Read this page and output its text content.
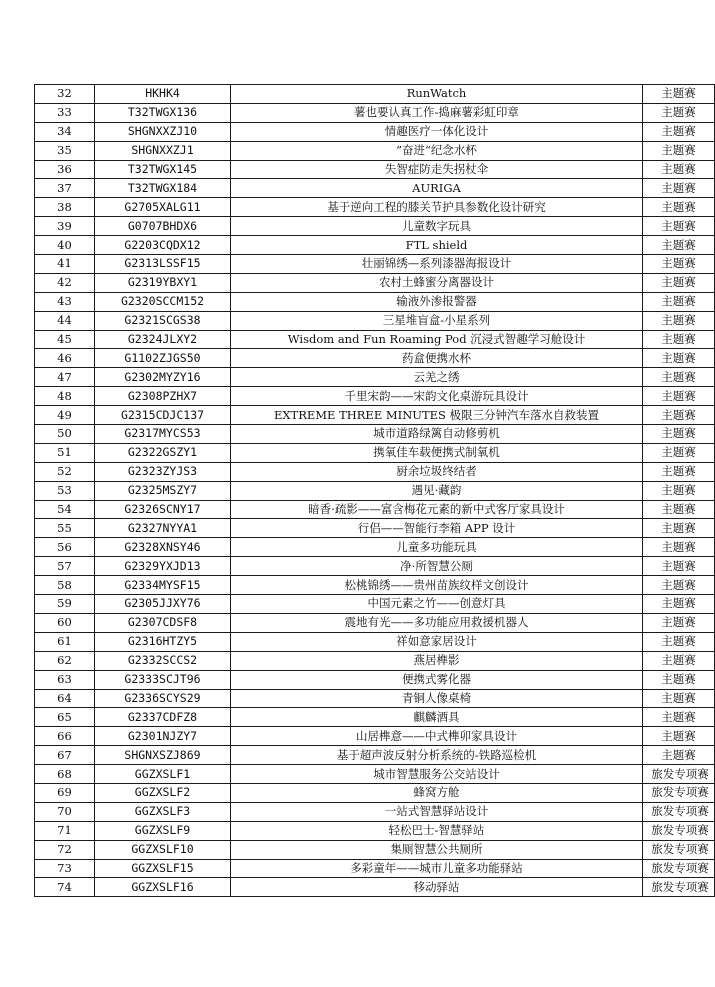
32	HKHK4	RunWatch	主题赛
33	T32TWGX136	薯也要认真工作-捣麻薯彩虹印章	主题赛
34	SHGNXXZJ10	情趣医疗一体化设计	主题赛
35	SHGNXXZJ1	”奋进“纪念水杯	主题赛
36	T32TWGX145	失智症防走失拐杖伞	主题赛
37	T32TWGX184	AURIGA	主题赛
38	G2705XALG11	基于逆向工程的膝关节护具参数化设计研究	主题赛
39	G0707BHDX6	儿童数字玩具	主题赛
40	G2203CQDX12	FTL shield	主题赛
41	G2313LSSF15	壮丽锦绣—系列漆器海报设计	主题赛
42	G2319YBXY1	农村土蜂蜜分离器设计	主题赛
43	G2320SCCM152	输液外渗报警器	主题赛
44	G2321SCGS38	三星堆盲盒-小星系列	主题赛
45	G2324JLXY2	Wisdom and Fun Roaming Pod 沉浸式智趣学习舱设计	主题赛
46	G1102ZJGS50	药盒便携水杯	主题赛
47	G2302MYZY16	云羌之绣	主题赛
48	G2308PZHX7	千里宋韵——宋韵文化桌游玩具设计	主题赛
49	G2315CDJC137	EXTREME THREE MINUTES 极限三分钟汽车落水自救装置	主题赛
50	G2317MYCS53	城市道路绿篱自动修剪机	主题赛
51	G2322GSZY1	携氧佳车载便携式制氧机	主题赛
52	G2323ZYJS3	厨余垃圾终结者	主题赛
53	G2325MSZY7	遇见·藏韵	主题赛
54	G2326SCNY17	暗香·疏影——富含梅花元素的新中式客厅家具设计	主题赛
55	G2327NYYA1	行侣——智能行李箱 APP 设计	主题赛
56	G2328XNSY46	儿童多功能玩具	主题赛
57	G2329YXJD13	净·所智慧公厕	主题赛
58	G2334MYSF15	松桃锦绣——贵州苗族纹样文创设计	主题赛
59	G2305JJXY76	中国元素之竹——创意灯具	主题赛
60	G2307CDSF8	震地有光——多功能应用救援机器人	主题赛
61	G2316HTZY5	祥如意家居设计	主题赛
62	G2332SCCS2	燕居榫影	主题赛
63	G2333SCJT96	便携式雾化器	主题赛
64	G2336SCYS29	青铜人像桌椅	主题赛
65	G2337CDFZ8	麒麟酒具	主题赛
66	G2301NJZY7	山居榫意——中式榫卯家具设计	主题赛
67	SHGNXSZJ869	基于超声波反射分析系统的-铁路巡检机	主题赛
68	GGZXSLF1	城市智慧服务公交站设计	旅发专项赛
69	GGZXSLF2	蜂窝方舱	旅发专项赛
70	GGZXSLF3	一站式智慧驿站设计	旅发专项赛
71	GGZXSLF9	轻松巴士-智慧驿站	旅发专项赛
72	GGZXSLF10	集厕智慧公共厕所	旅发专项赛
73	GGZXSLF15	多彩童年——城市儿童多功能驿站	旅发专项赛
74	GGZXSLF16	移动驿站	旅发专项赛
